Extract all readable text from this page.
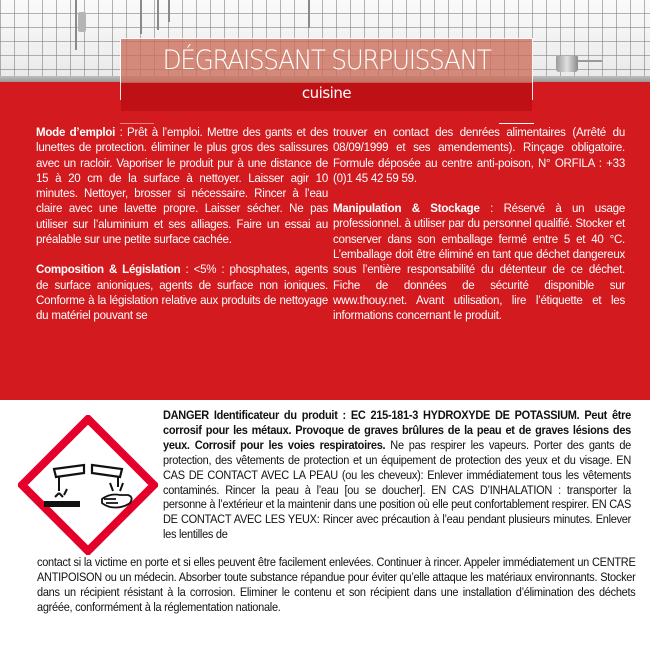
DÉGRAISSANT SURPUISSANT
cuisine

Mode d’emploi : Prêt à l’emploi. Mettre des gants et des lunettes de protection. éliminer le plus gros des salissures avec un racloir. Vaporiser le produit pur à une distance de 15 à 20 cm de la surface à nettoyer. Laisser agir 10 minutes. Nettoyer, brosser si nécessaire. Rincer à l’eau claire avec une lavette propre. Laisser sécher. Ne pas utiliser sur l’aluminium et ses alliages. Faire un essai au préalable sur une petite surface cachée.

Composition & Législation : <5% : phosphates, agents de surface anioniques, agents de surface non ioniques. Conforme à la législation relative aux produits de nettoyage du matériel pouvant se

trouver en contact des denrées alimentaires (Arrêté du 08/09/1999 et ses amendements). Rinçage obligatoire. Formule déposée au centre anti-poison, N° ORFILA : +33 (0)1 45 42 59 59.

Manipulation & Stockage : Réservé à un usage professionnel. à utiliser par du personnel qualifié. Stocker et conserver dans son emballage fermé entre 5 et 40 °C. L’emballage doit être éliminé en tant que déchet dangereux sous l’entière responsabilité du détenteur de ce déchet. Fiche de données de sécurité disponible sur www.thouy.net. Avant utilisation, lire l’étiquette et les informations concernant le produit.

DANGER Identificateur du produit : EC 215-181-3 HYDROXYDE DE POTASSIUM. Peut être corrosif pour les métaux. Provoque de graves brûlures de la peau et de graves lésions des yeux. Corrosif pour les voies respiratoires. Ne pas respirer les vapeurs. Porter des gants de protection, des vêtements de protection et un équipement de protection des yeux et du visage. EN CAS DE CONTACT AVEC LA PEAU (ou les cheveux): Enlever immédiatement tous les vêtements contaminés. Rincer la peau à l’eau [ou se doucher]. EN CAS D’INHALATION : transporter la personne à l’extérieur et la maintenir dans une position où elle peut confortablement respirer. EN CAS DE CONTACT AVEC LES YEUX: Rincer avec précaution à l’eau pendant plusieurs minutes. Enlever les lentilles de
contact si la victime en porte et si elles peuvent être facilement enlevées. Continuer à rincer. Appeler immédiatement un CENTRE ANTIPOISON ou un médecin. Absorber toute substance répandue pour éviter qu’elle attaque les matériaux environnants. Stocker dans un récipient résistant à la corrosion. Eliminer le contenu et son récipient dans une installation d’élimination des déchets agréée, conformément à la réglementation nationale.
